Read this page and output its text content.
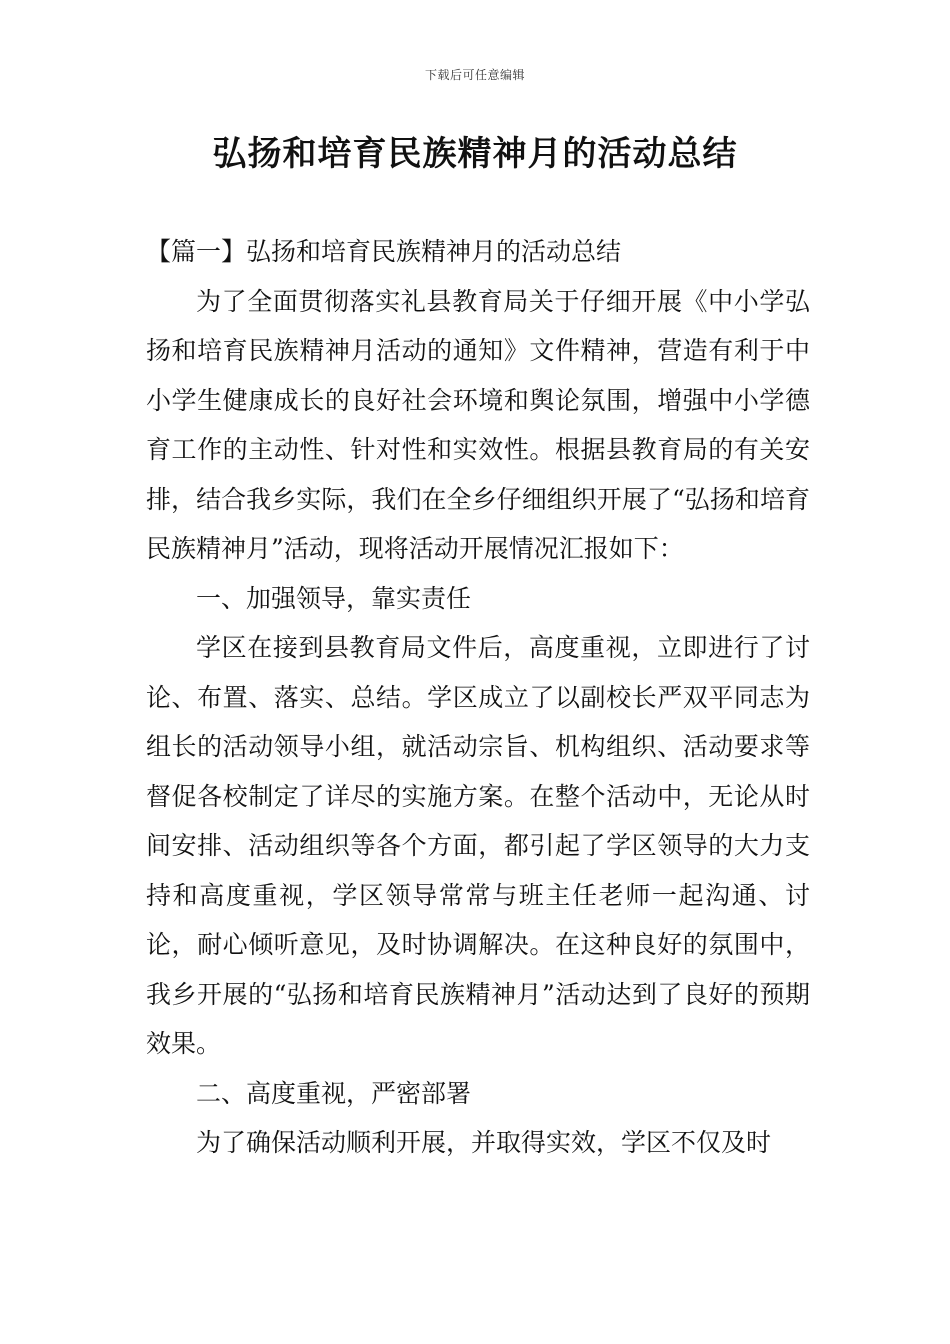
下载后可任意编辑
弘扬和培育民族精神月的活动总结

【篇一】弘扬和培育民族精神月的活动总结

为了全面贯彻落实礼县教育局关于仔细开展《中小学弘扬和培育民族精神月活动的通知》文件精神，营造有利于中小学生健康成长的良好社会环境和舆论氛围，增强中小学德育工作的主动性、针对性和实效性。根据县教育局的有关安排，结合我乡实际，我们在全乡仔细组织开展了“弘扬和培育民族精神月”活动，现将活动开展情况汇报如下：

一、加强领导，靠实责任

学区在接到县教育局文件后，高度重视，立即进行了讨论、布置、落实、总结。学区成立了以副校长严双平同志为组长的活动领导小组，就活动宗旨、机构组织、活动要求等督促各校制定了详尽的实施方案。在整个活动中，无论从时间安排、活动组织等各个方面，都引起了学区领导的大力支持和高度重视，学区领导常常与班主任老师一起沟通、讨论，耐心倾听意见，及时协调解决。在这种良好的氛围中，我乡开展的“弘扬和培育民族精神月”活动达到了良好的预期效果。

二、高度重视，严密部署

为了确保活动顺利开展，并取得实效，学区不仅及时
